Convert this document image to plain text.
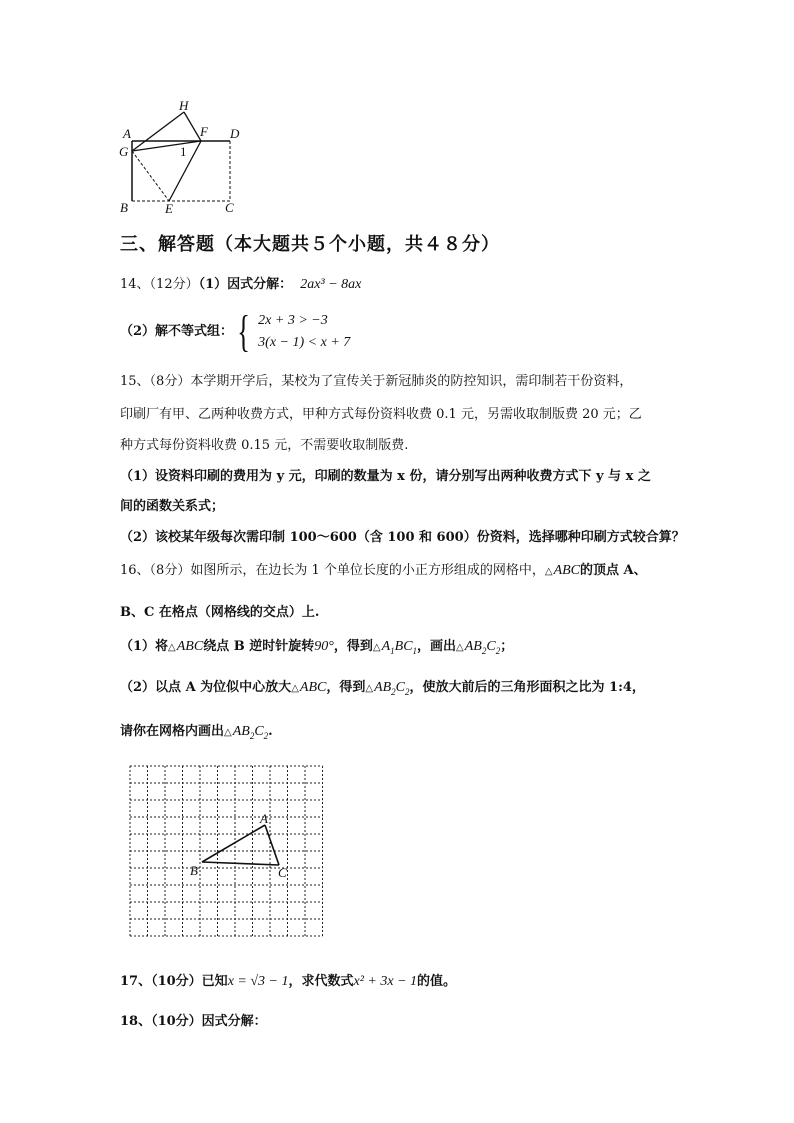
H
A	F D
G	1
B	E	C
三、解答题（本大题共５个小题，共４８分）
14、（12分）（1）因式分解： 2ax³ − 8ax
（2）解不等式组： { 2x + 3 > −3
3(x − 1) < x + 7
15、（8分）本学期开学后，某校为了宣传关于新冠肺炎的防控知识，需印制若干份资料，
印刷厂有甲、乙两种收费方式，甲种方式每份资料收费 0.1 元，另需收取制版费 20 元；乙
种方式每份资料收费 0.15 元，不需要收取制版费.
（1）设资料印刷的费用为 y 元，印刷的数量为 x 份，请分别写出两种收费方式下 y 与 x 之
间的函数关系式；
（2）该校某年级每次需印制 100～600（含 100 和 600）份资料，选择哪种印刷方式较合算？
16、（8分）如图所示，在边长为 1 个单位长度的小正方形组成的网格中，△ABC的顶点 A、
B、C 在格点（网格线的交点）上.
（1）将△ABC绕点 B 逆时针旋转90°，得到$\triangle A_1BC_1$，画出$\triangle AB_2C_2$；
（2）以点 A 为位似中心放大△ABC，得到$\triangle AB_2C_2$，使放大前后的三角形面积之比为 1:4，
请你在网格内画出$\triangle AB_2C_2$.
A
B	C
17、（10分）已知x = √3 − 1，求代数式x² + 3x − 1的值。
18、（10分）因式分解：
